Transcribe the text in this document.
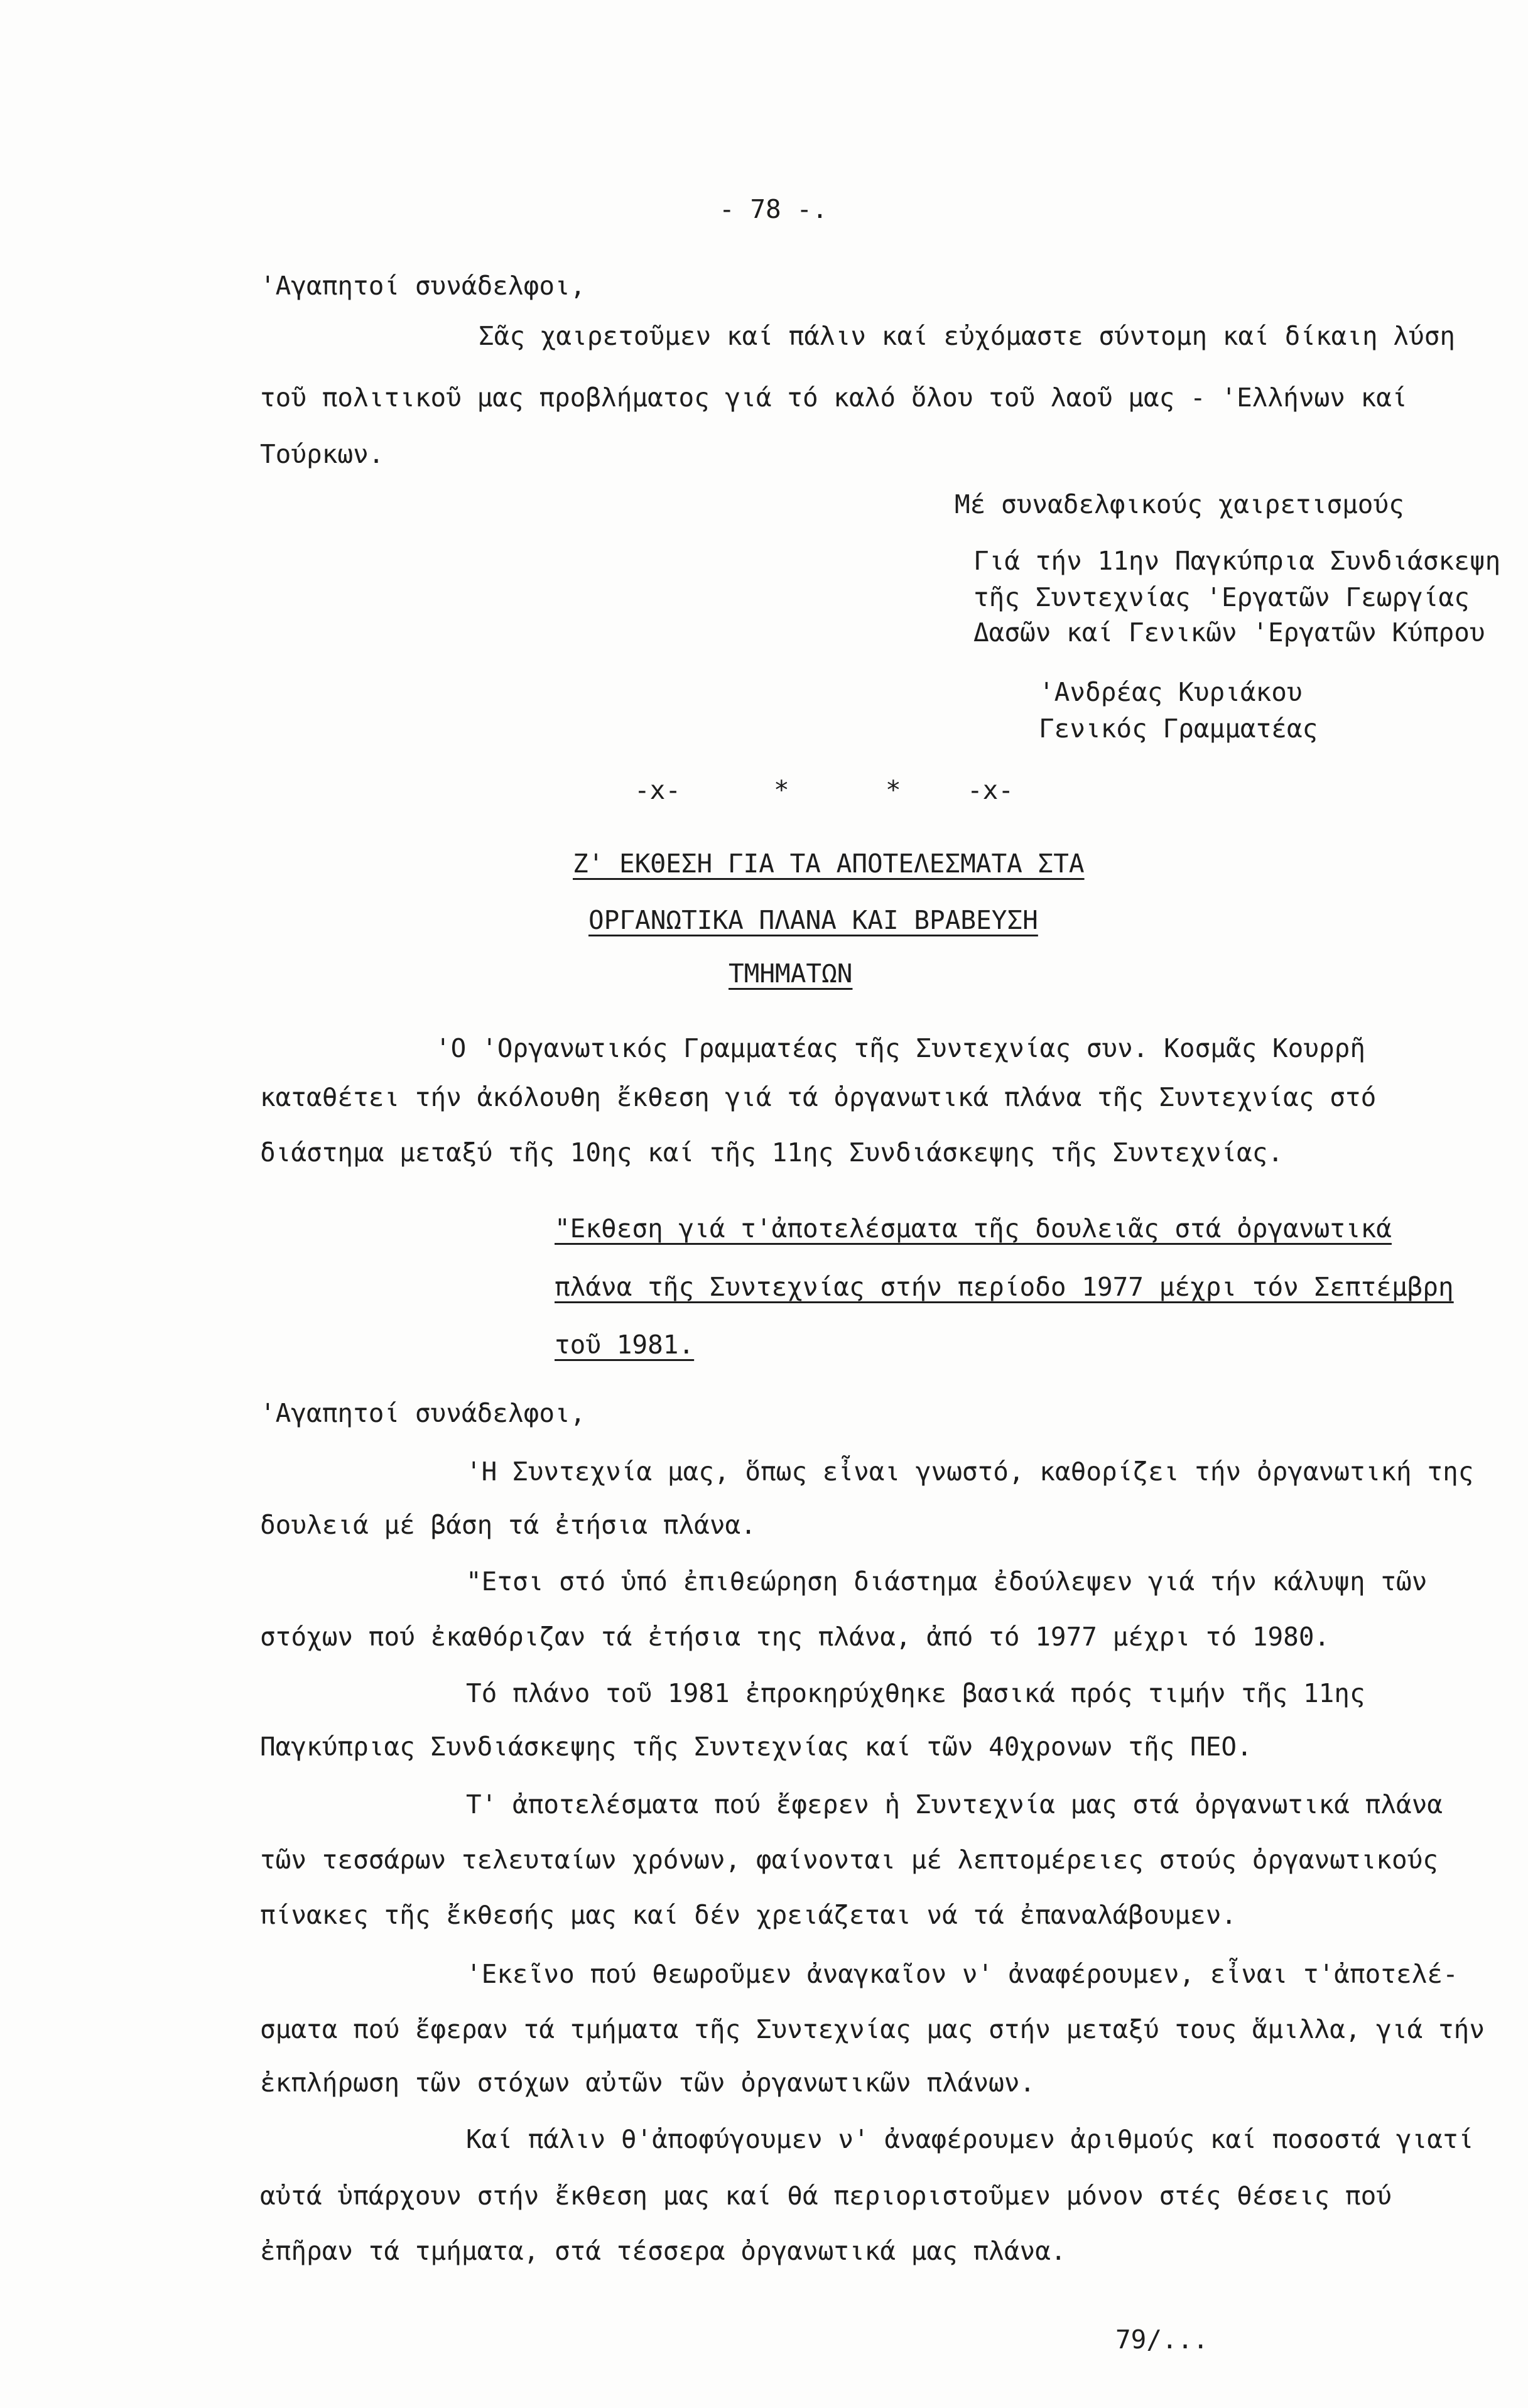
- 78 -.
'Αγαπητοί συνάδελφοι,
Σᾶς χαιρετοῦμεν καί πάλιν καί εὐχόμαστε σύντομη καί δίκαιη λύση
τοῦ πολιτικοῦ μας προβλήματος γιά τό καλό ὅλου τοῦ λαοῦ μας - 'Ελλήνων καί
Τούρκων.
Μέ συναδελφικούς χαιρετισμούς
Γιά τήν 11ην Παγκύπρια Συνδιάσκεψη
τῆς Συντεχνίας 'Εργατῶν Γεωργίας
Δασῶν καί Γενικῶν 'Εργατῶν Κύπρου
'Ανδρέας Κυριάκου
Γενικός Γραμματέας
-x-	*	*	-x-
Ζ' ΕΚΘΕΣΗ ΓΙΑ ΤΑ ΑΠΟΤΕΛΕΣΜΑΤΑ ΣΤΑ
ΟΡΓΑΝΩΤΙΚΑ ΠΛΑΝΑ ΚΑΙ ΒΡΑΒΕΥΣΗ
ΤΜΗΜΑΤΩΝ
'Ο 'Οργανωτικός Γραμματέας τῆς Συντεχνίας συν. Κοσμᾶς Κουρρῆ
καταθέτει τήν ἀκόλουθη ἔκθεση γιά τά ὀργανωτικά πλάνα τῆς Συντεχνίας στό
διάστημα μεταξύ τῆς 10ης καί τῆς 11ης Συνδιάσκεψης τῆς Συντεχνίας.
"Εκθεση γιά τ'ἀποτελέσματα τῆς δουλειᾶς στά ὀργανωτικά
πλάνα τῆς Συντεχνίας στήν περίοδο 1977 μέχρι τόν Σεπτέμβρη
τοῦ 1981.
'Αγαπητοί συνάδελφοι,
'Η Συντεχνία μας, ὅπως εἶναι γνωστό, καθορίζει τήν ὀργανωτική της
δουλειά μέ βάση τά ἐτήσια πλάνα.
"Ετσι στό ὑπό ἐπιθεώρηση διάστημα ἐδούλεψεν γιά τήν κάλυψη τῶν
στόχων πού ἐκαθόριζαν τά ἐτήσια της πλάνα, ἀπό τό 1977 μέχρι τό 1980.
Τό πλάνο τοῦ 1981 ἐπροκηρύχθηκε βασικά πρός τιμήν τῆς 11ης
Παγκύπριας Συνδιάσκεψης τῆς Συντεχνίας καί τῶν 40χρονων τῆς ΠΕΟ.
Τ' ἀποτελέσματα πού ἔφερεν ἡ Συντεχνία μας στά ὀργανωτικά πλάνα
τῶν τεσσάρων τελευταίων χρόνων, φαίνονται μέ λεπτομέρειες στούς ὀργανωτικούς
πίνακες τῆς ἔκθεσής μας καί δέν χρειάζεται νά τά ἐπαναλάβουμεν.
'Εκεῖνο πού θεωροῦμεν ἀναγκαῖον ν' ἀναφέρουμεν, εἶναι τ'ἀποτελέ-
σματα πού ἔφεραν τά τμήματα τῆς Συντεχνίας μας στήν μεταξύ τους ἅμιλλα, γιά τήν
ἐκπλήρωση τῶν στόχων αὐτῶν τῶν ὀργανωτικῶν πλάνων.
Καί πάλιν θ'ἀποφύγουμεν ν' ἀναφέρουμεν ἀριθμούς καί ποσοστά γιατί
αὐτά ὑπάρχουν στήν ἔκθεση μας καί θά περιοριστοῦμεν μόνον στές θέσεις πού
ἐπῆραν τά τμήματα, στά τέσσερα ὀργανωτικά μας πλάνα.
79/...
